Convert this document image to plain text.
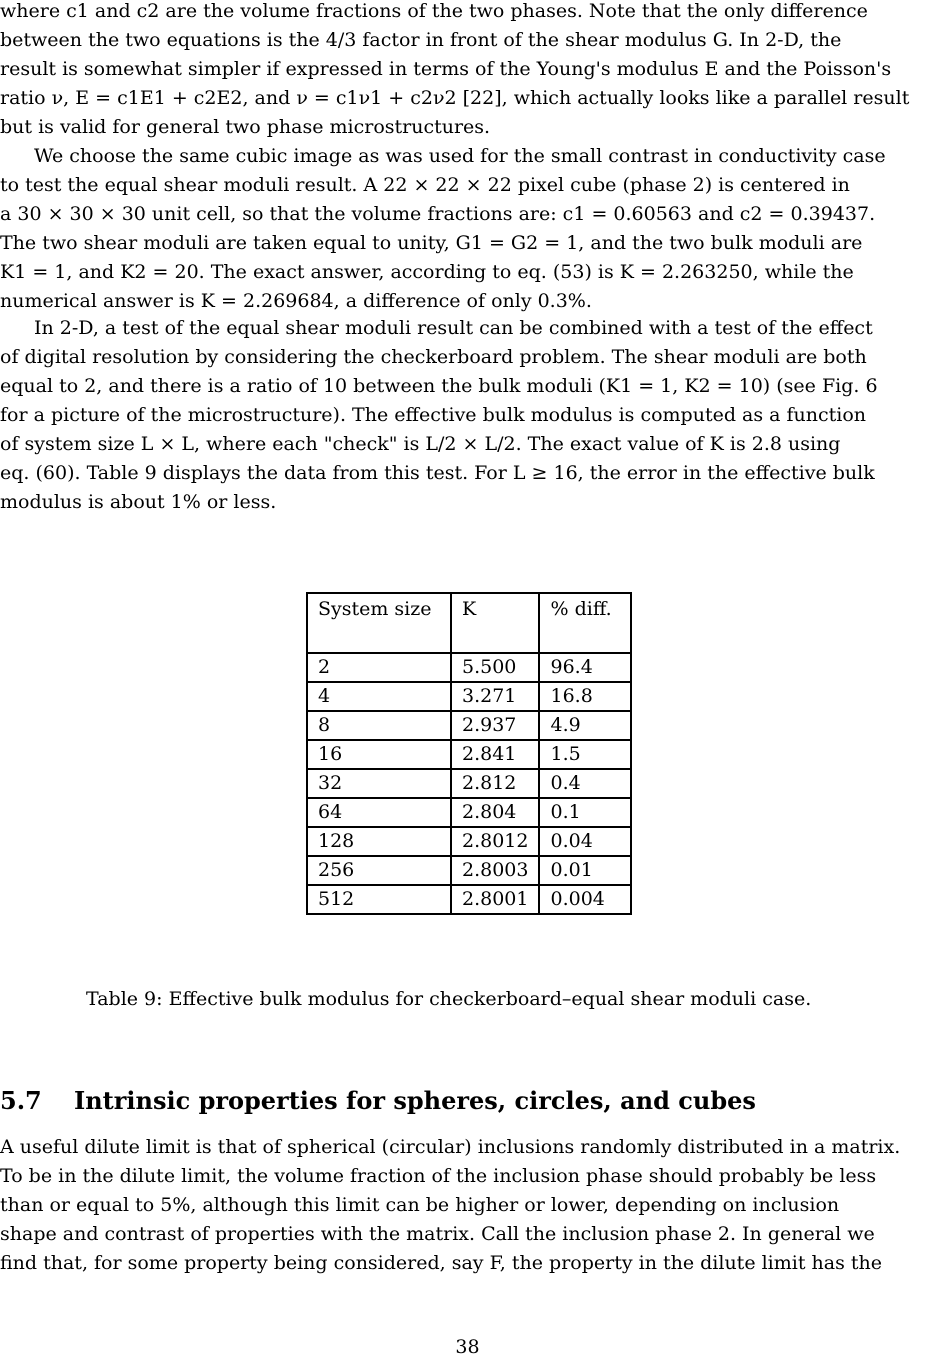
where c1 and c2 are the volume fractions of the two phases. Note that the only difference
between the two equations is the 4/3 factor in front of the shear modulus G. In 2-D, the
result is somewhat simpler if expressed in terms of the Young's modulus E and the Poisson's
ratio ν, E = c1E1 + c2E2, and ν = c1ν1 + c2ν2 [22], which actually looks like a parallel result
but is valid for general two phase microstructures.

We choose the same cubic image as was used for the small contrast in conductivity case
to test the equal shear moduli result. A 22 × 22 × 22 pixel cube (phase 2) is centered in
a 30 × 30 × 30 unit cell, so that the volume fractions are: c1 = 0.60563 and c2 = 0.39437.
The two shear moduli are taken equal to unity, G1 = G2 = 1, and the two bulk moduli are
K1 = 1, and K2 = 20. The exact answer, according to eq. (53) is K = 2.263250, while the
numerical answer is K = 2.269684, a difference of only 0.3%.

In 2-D, a test of the equal shear moduli result can be combined with a test of the effect
of digital resolution by considering the checkerboard problem. The shear moduli are both
equal to 2, and there is a ratio of 10 between the bulk moduli (K1 = 1, K2 = 10) (see Fig. 6
for a picture of the microstructure). The effective bulk modulus is computed as a function
of system size L × L, where each "check" is L/2 × L/2. The exact value of K is 2.8 using
eq. (60). Table 9 displays the data from this test. For L ≥ 16, the error in the effective bulk
modulus is about 1% or less.

System size	K	% diff.
2	5.500	96.4
4	3.271	16.8
8	2.937	4.9
16	2.841	1.5
32	2.812	0.4
64	2.804	0.1
128	2.8012	0.04
256	2.8003	0.01
512	2.8001	0.004
Table 9: Effective bulk modulus for checkerboard–equal shear moduli case.
5.7 Intrinsic properties for spheres, circles, and cubes

A useful dilute limit is that of spherical (circular) inclusions randomly distributed in a matrix.
To be in the dilute limit, the volume fraction of the inclusion phase should probably be less
than or equal to 5%, although this limit can be higher or lower, depending on inclusion
shape and contrast of properties with the matrix. Call the inclusion phase 2. In general we
find that, for some property being considered, say F, the property in the dilute limit has the

38
